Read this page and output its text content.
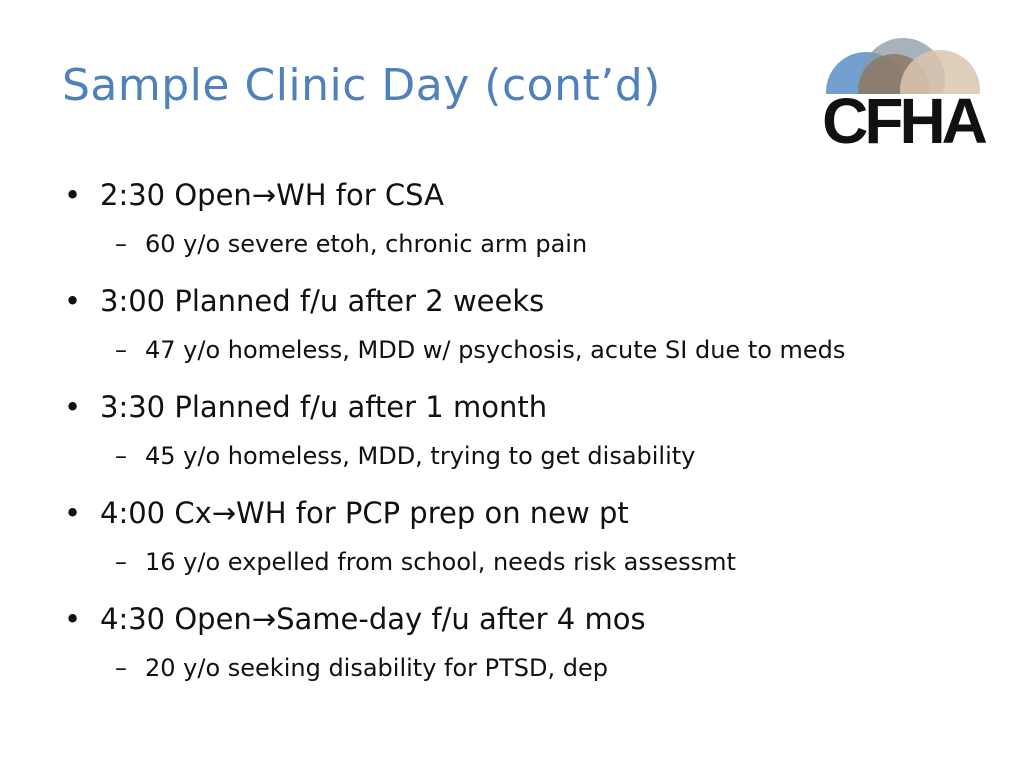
Sample Clinic Day (cont’d)	CFHA
• 2:30 Open→WH for CSA
– 60 y/o severe etoh, chronic arm pain
• 3:00 Planned f/u after 2 weeks
– 47 y/o homeless, MDD w/ psychosis, acute SI due to meds
• 3:30 Planned f/u after 1 month
– 45 y/o homeless, MDD, trying to get disability
• 4:00 Cx→WH for PCP prep on new pt
– 16 y/o expelled from school, needs risk assessmt
• 4:30 Open→Same-day f/u after 4 mos
– 20 y/o seeking disability for PTSD, dep
